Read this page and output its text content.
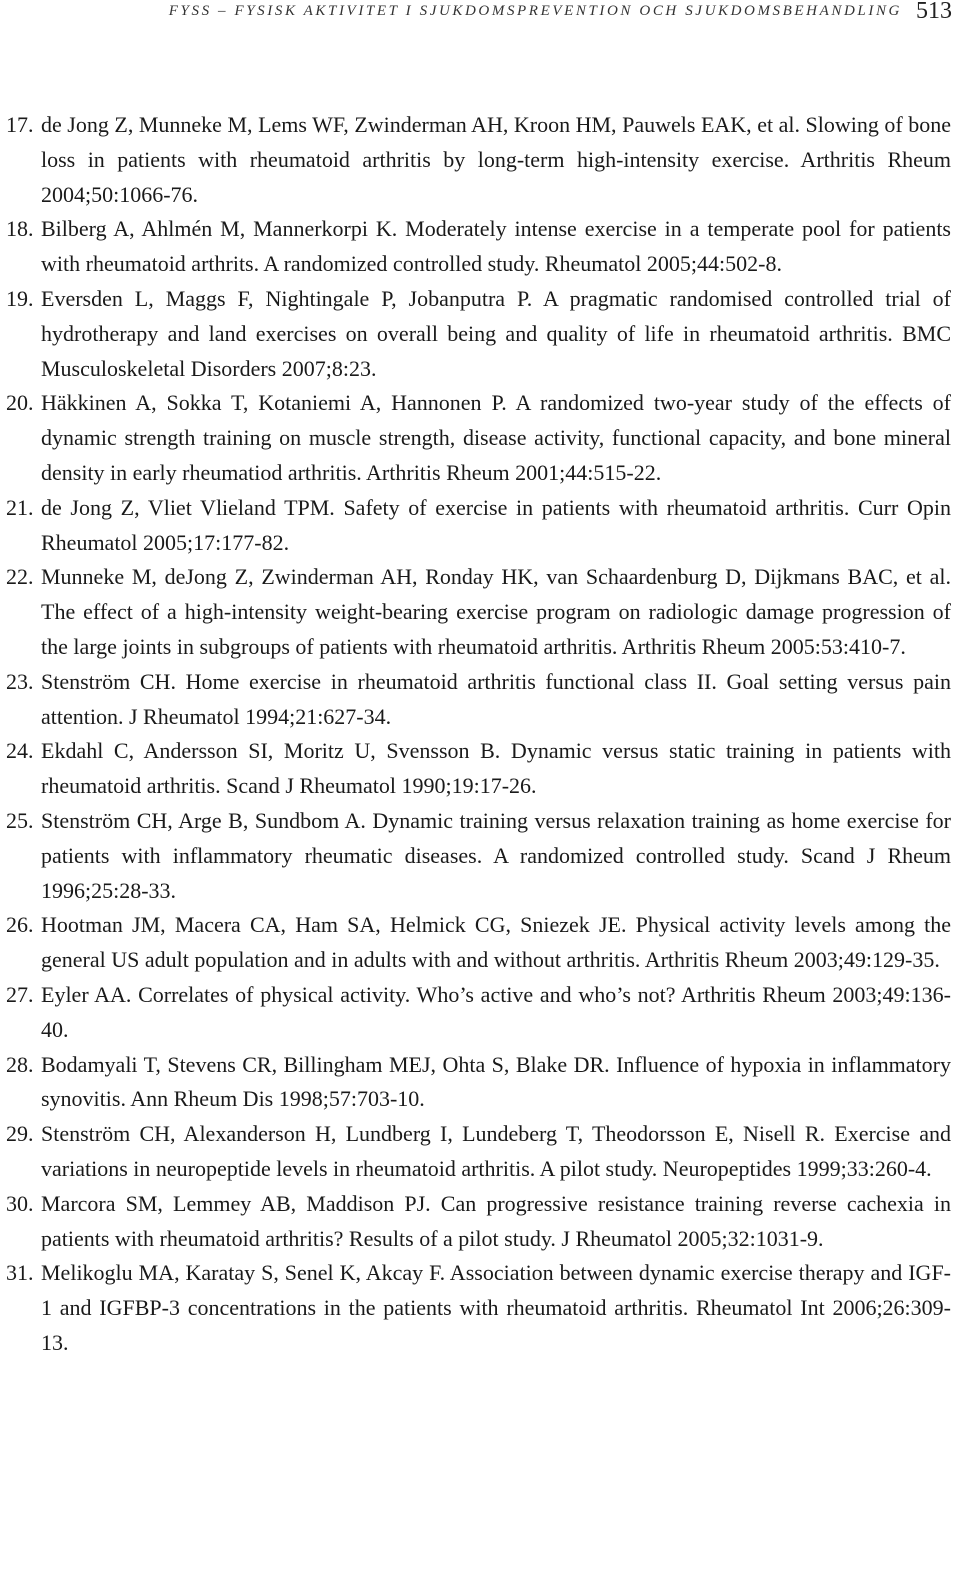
FYSS – FYSISK AKTIVITET I SJUKDOMSPREVENTION OCH SJUKDOMSBEHANDLING 513
17. de Jong Z, Munneke M, Lems WF, Zwinderman AH, Kroon HM, Pauwels EAK, et al. Slowing of bone loss in patients with rheumatoid arthritis by long-term high-intensity exercise. Arthritis Rheum 2004;50:1066-76.
18. Bilberg A, Ahlmén M, Mannerkorpi K. Moderately intense exercise in a temperate pool for patients with rheumatoid arthrits. A randomized controlled study. Rheumatol 2005;44:502-8.
19. Eversden L, Maggs F, Nightingale P, Jobanputra P. A pragmatic randomised controlled trial of hydrotherapy and land exercises on overall being and quality of life in rheumatoid arthritis. BMC Musculoskeletal Disorders 2007;8:23.
20. Häkkinen A, Sokka T, Kotaniemi A, Hannonen P. A randomized two-year study of the effects of dynamic strength training on muscle strength, disease activity, functional capacity, and bone mineral density in early rheumatiod arthritis. Arthritis Rheum 2001;44:515-22.
21. de Jong Z, Vliet Vlieland TPM. Safety of exercise in patients with rheumatoid arthritis. Curr Opin Rheumatol 2005;17:177-82.
22. Munneke M, deJong Z, Zwinderman AH, Ronday HK, van Schaardenburg D, Dijkmans BAC, et al. The effect of a high-intensity weight-bearing exercise program on radiologic damage progression of the large joints in subgroups of patients with rheumatoid arthritis. Arthritis Rheum 2005:53:410-7.
23. Stenström CH. Home exercise in rheumatoid arthritis functional class II. Goal setting versus pain attention. J Rheumatol 1994;21:627-34.
24. Ekdahl C, Andersson SI, Moritz U, Svensson B. Dynamic versus static training in patients with rheumatoid arthritis. Scand J Rheumatol 1990;19:17-26.
25. Stenström CH, Arge B, Sundbom A. Dynamic training versus relaxation training as home exercise for patients with inflammatory rheumatic diseases. A randomized controlled study. Scand J Rheum 1996;25:28-33.
26. Hootman JM, Macera CA, Ham SA, Helmick CG, Sniezek JE. Physical activity levels among the general US adult population and in adults with and without arthritis. Arthritis Rheum 2003;49:129-35.
27. Eyler AA. Correlates of physical activity. Who’s active and who’s not? Arthritis Rheum 2003;49:136-40.
28. Bodamyali T, Stevens CR, Billingham MEJ, Ohta S, Blake DR. Influence of hypoxia in inflammatory synovitis. Ann Rheum Dis 1998;57:703-10.
29. Stenström CH, Alexanderson H, Lundberg I, Lundeberg T, Theodorsson E, Nisell R. Exercise and variations in neuropeptide levels in rheumatoid arthritis. A pilot study. Neuropeptides 1999;33:260-4.
30. Marcora SM, Lemmey AB, Maddison PJ. Can progressive resistance training reverse cachexia in patients with rheumatoid arthritis? Results of a pilot study. J Rheumatol 2005;32:1031-9.
31. Melikoglu MA, Karatay S, Senel K, Akcay F. Association between dynamic exercise therapy and IGF-1 and IGFBP-3 concentrations in the patients with rheumatoid arthritis. Rheumatol Int 2006;26:309-13.
